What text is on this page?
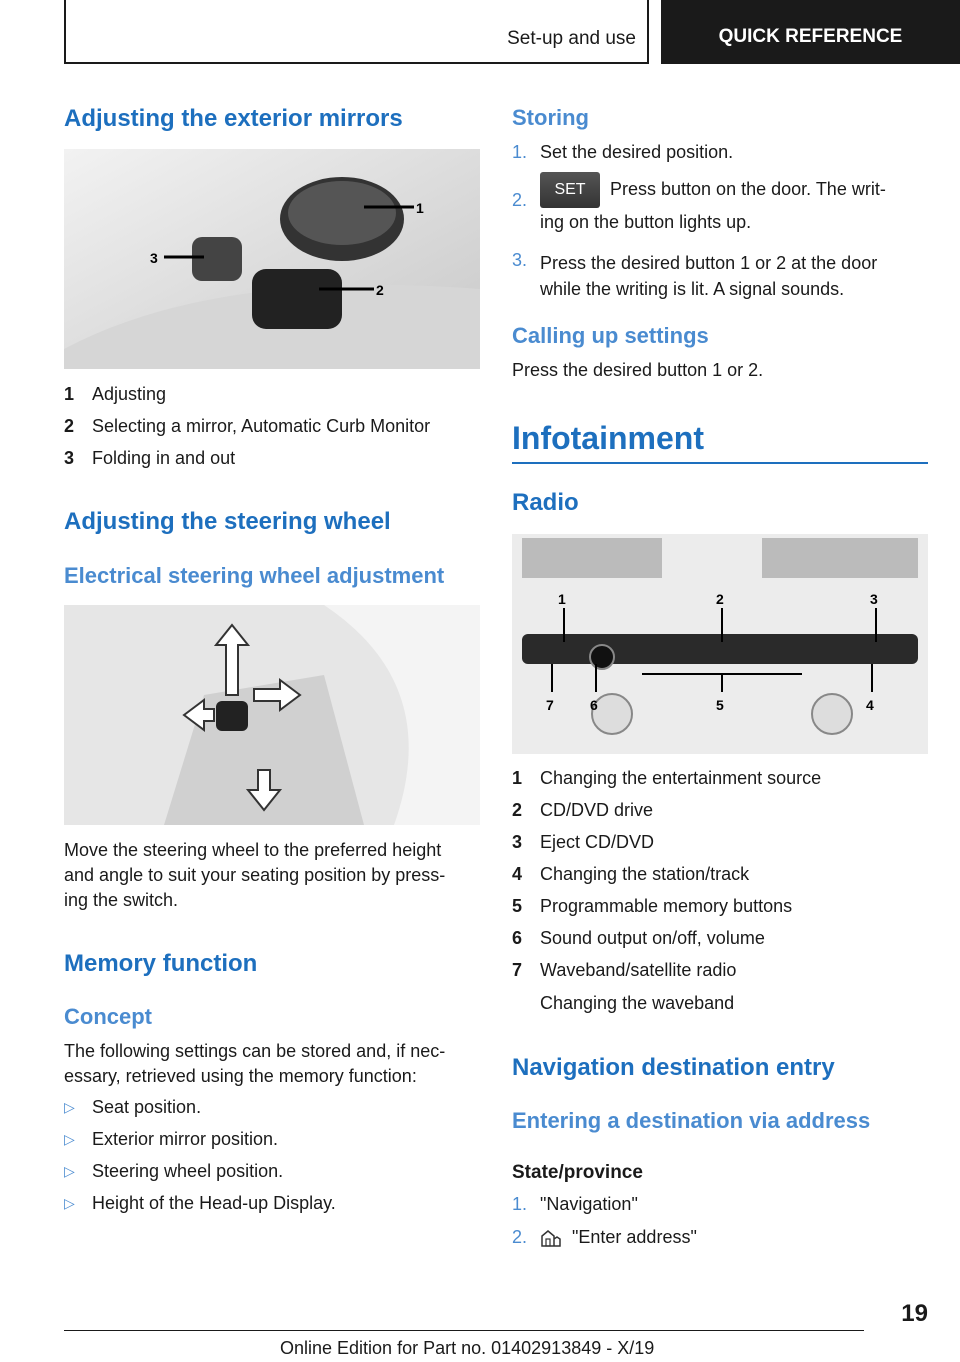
Set-up and use	QUICK REFERENCE
Adjusting the exterior mirrors
1
2
3
1 Adjusting
2 Selecting a mirror, Automatic Curb Monitor
3 Folding in and out
Adjusting the steering wheel
Electrical steering wheel adjustment
Move the steering wheel to the preferred height
and angle to suit your seating position by press-
ing the switch.
Memory function
Concept
The following settings can be stored and, if nec-
essary, retrieved using the memory function:
▷ Seat position.
▷ Exterior mirror position.
▷ Steering wheel position.
▷ Height of the Head-up Display.
Storing
1. Set the desired position.
2.
SET Press button on the door. The writ-
ing on the button lights up.
3. Press the desired button 1 or 2 at the door
while the writing is lit. A signal sounds.
Calling up settings
Press the desired button 1 or 2.
Infotainment
Radio
1	2	3
7	6	5	4
1 Changing the entertainment source
2 CD/DVD drive
3 Eject CD/DVD
4 Changing the station/track
5 Programmable memory buttons
6 Sound output on/off, volume
7 Waveband/satellite radio
Changing the waveband
Navigation destination entry
Entering a destination via address
State/province
1. "Navigation"
2.	"Enter address"
19
Online Edition for Part no. 01402913849 - X/19
